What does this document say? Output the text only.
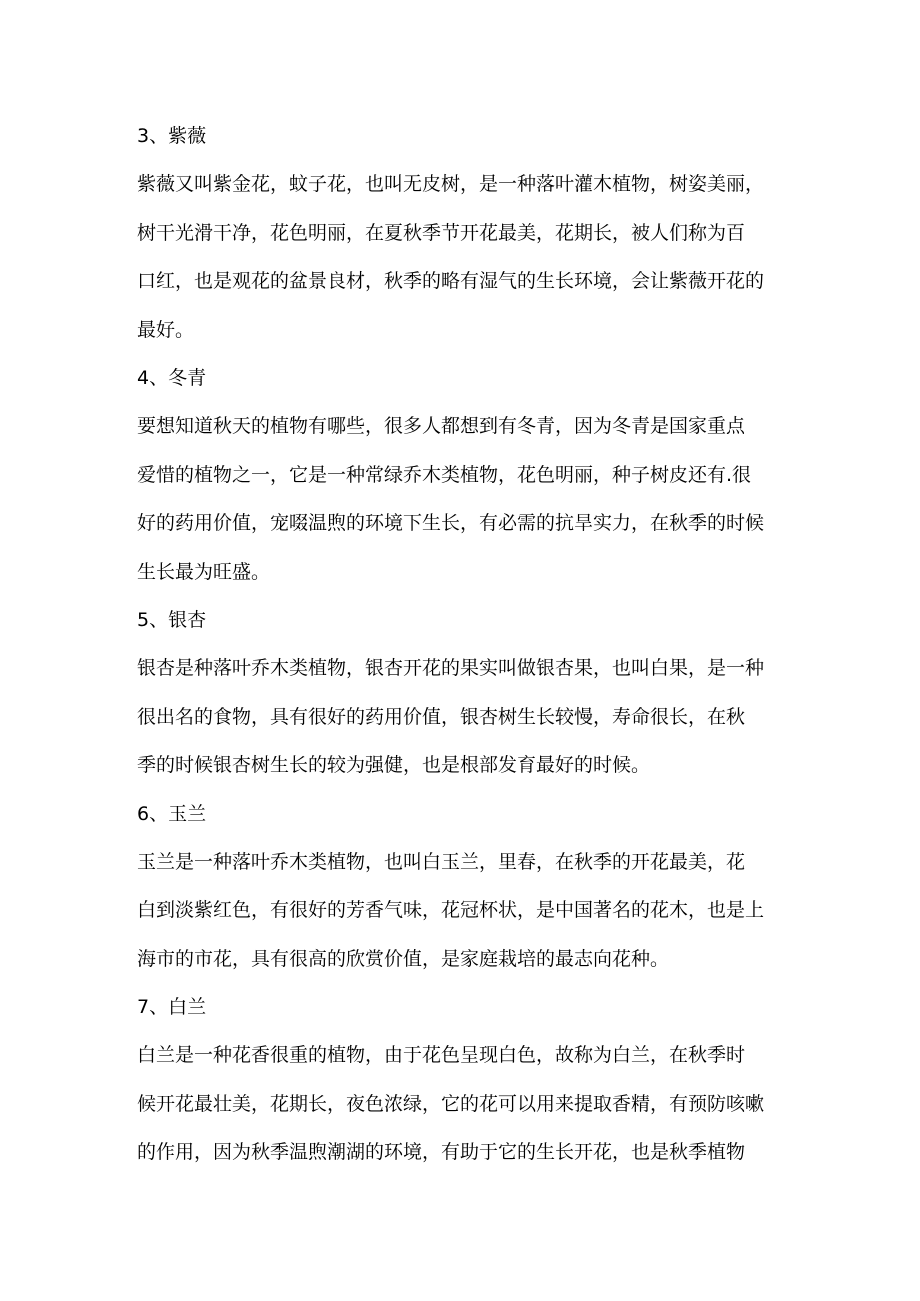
3、紫薇

紫薇又叫紫金花，蚊子花，也叫无皮树，是一种落叶灌木植物，树姿美丽，

树干光滑干净，花色明丽，在夏秋季节开花最美，花期长，被人们称为百

口红，也是观花的盆景良材，秋季的略有湿气的生长环境，会让紫薇开花的

最好。

4、冬青

要想知道秋天的植物有哪些，很多人都想到有冬青，因为冬青是国家重点

爱惜的植物之一，它是一种常绿乔木类植物，花色明丽，种子树皮还有.很

好的药用价值，宠啜温煦的环境下生长，有必需的抗旱实力，在秋季的时候

生长最为旺盛。

5、银杏

银杏是种落叶乔木类植物，银杏开花的果实叫做银杏果，也叫白果，是一种

很出名的食物，具有很好的药用价值，银杏树生长较慢，寿命很长，在秋

季的时候银杏树生长的较为强健，也是根部发育最好的时候。

6、玉兰

玉兰是一种落叶乔木类植物，也叫白玉兰，里春，在秋季的开花最美，花

白到淡紫红色，有很好的芳香气味，花冠杯状，是中国著名的花木，也是上

海市的市花，具有很高的欣赏价值，是家庭栽培的最志向花种。

7、白兰

白兰是一种花香很重的植物，由于花色呈现白色，故称为白兰，在秋季时

候开花最壮美，花期长，夜色浓绿，它的花可以用来提取香精，有预防咳嗽

的作用，因为秋季温煦潮湖的环境，有助于它的生长开花，也是秋季植物
